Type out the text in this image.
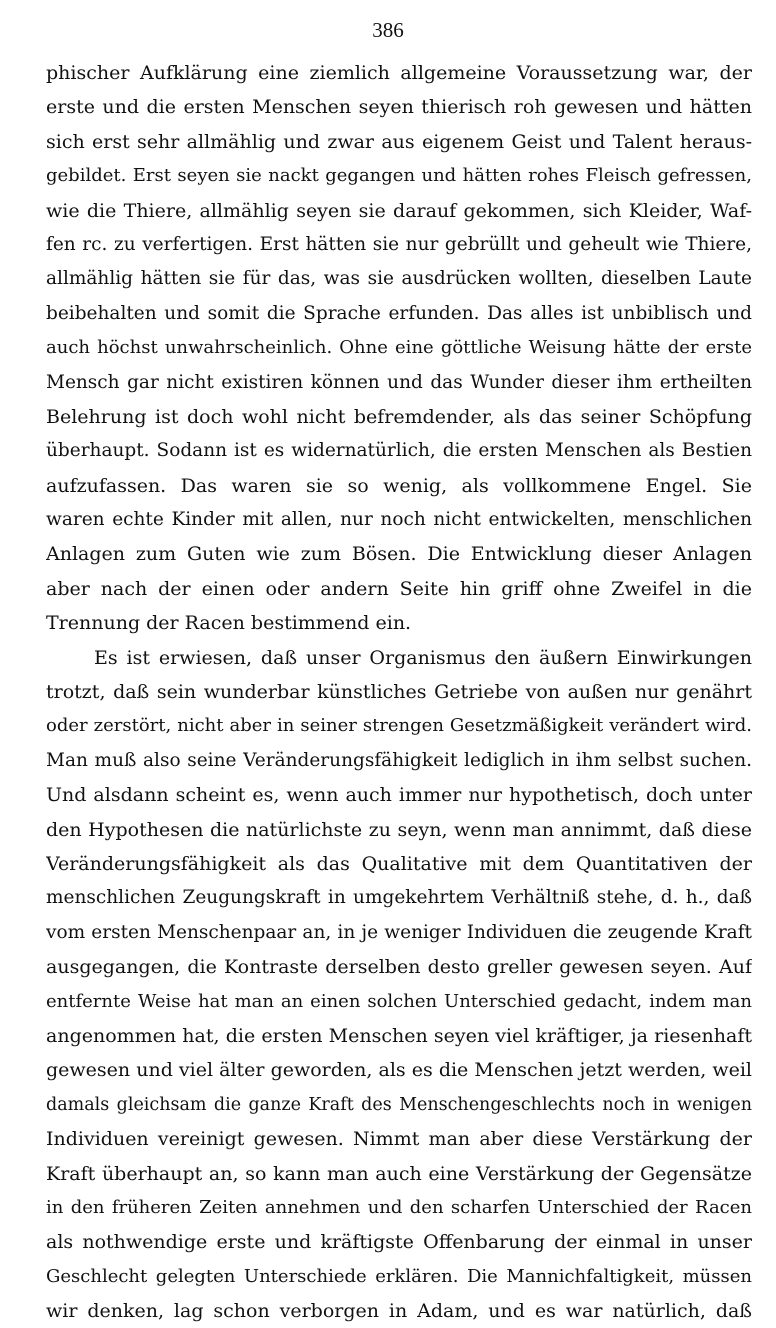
386
phischer Aufklärung eine ziemlich allgemeine Voraussetzung war, der
erste und die ersten Menschen seyen thierisch roh gewesen und hätten
sich erst sehr allmählig und zwar aus eigenem Geist und Talent heraus-
gebildet. Erst seyen sie nackt gegangen und hätten rohes Fleisch gefressen,
wie die Thiere, allmählig seyen sie darauf gekommen, sich Kleider, Waf-
fen rc. zu verfertigen. Erst hätten sie nur gebrüllt und geheult wie Thiere,
allmählig hätten sie für das, was sie ausdrücken wollten, dieselben Laute
beibehalten und somit die Sprache erfunden. Das alles ist unbiblisch und
auch höchst unwahrscheinlich. Ohne eine göttliche Weisung hätte der erste
Mensch gar nicht existiren können und das Wunder dieser ihm ertheilten
Belehrung ist doch wohl nicht befremdender, als das seiner Schöpfung
überhaupt. Sodann ist es widernatürlich, die ersten Menschen als Bestien
aufzufassen. Das waren sie so wenig, als vollkommene Engel. Sie
waren echte Kinder mit allen, nur noch nicht entwickelten, menschlichen
Anlagen zum Guten wie zum Bösen. Die Entwicklung dieser Anlagen
aber nach der einen oder andern Seite hin griff ohne Zweifel in die
Trennung der Racen bestimmend ein.
Es ist erwiesen, daß unser Organismus den äußern Einwirkungen
trotzt, daß sein wunderbar künstliches Getriebe von außen nur genährt
oder zerstört, nicht aber in seiner strengen Gesetzmäßigkeit verändert wird.
Man muß also seine Veränderungsfähigkeit lediglich in ihm selbst suchen.
Und alsdann scheint es, wenn auch immer nur hypothetisch, doch unter
den Hypothesen die natürlichste zu seyn, wenn man annimmt, daß diese
Veränderungsfähigkeit als das Qualitative mit dem Quantitativen der
menschlichen Zeugungskraft in umgekehrtem Verhältniß stehe, d. h., daß
vom ersten Menschenpaar an, in je weniger Individuen die zeugende Kraft
ausgegangen, die Kontraste derselben desto greller gewesen seyen. Auf
entfernte Weise hat man an einen solchen Unterschied gedacht, indem man
angenommen hat, die ersten Menschen seyen viel kräftiger, ja riesenhaft
gewesen und viel älter geworden, als es die Menschen jetzt werden, weil
damals gleichsam die ganze Kraft des Menschengeschlechts noch in wenigen
Individuen vereinigt gewesen. Nimmt man aber diese Verstärkung der
Kraft überhaupt an, so kann man auch eine Verstärkung der Gegensätze
in den früheren Zeiten annehmen und den scharfen Unterschied der Racen
als nothwendige erste und kräftigste Offenbarung der einmal in unser
Geschlecht gelegten Unterschiede erklären. Die Mannichfaltigkeit, müssen
wir denken, lag schon verborgen in Adam, und es war natürlich, daß
